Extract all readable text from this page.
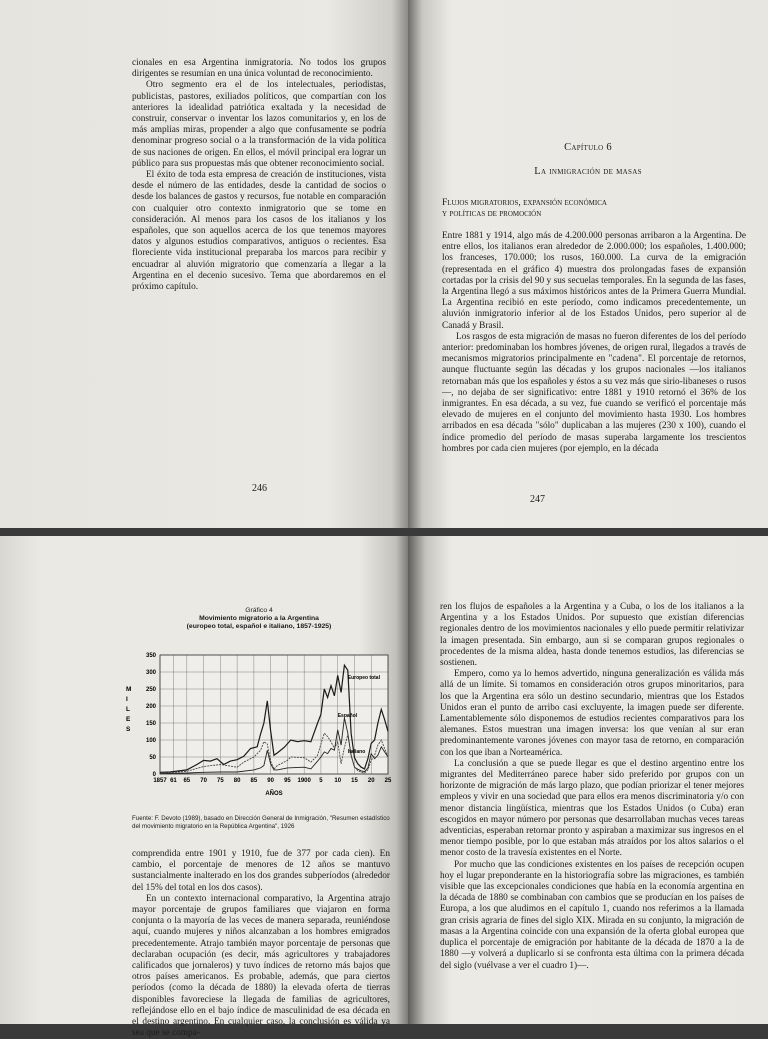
cionales en esa Argentina inmigratoria. No todos los grupos dirigentes se resumían en una única voluntad de reconocimiento.

Otro segmento era el de los intelectuales, periodistas, publicistas, pastores, exiliados políticos, que compartían con los anteriores la idealidad patriótica exaltada y la necesidad de construir, conservar o inventar los lazos comunitarios y, en los de más amplias miras, propender a algo que confusamente se podría denominar progreso social o a la transformación de la vida política de sus naciones de origen. En ellos, el móvil principal era lograr un público para sus propuestas más que obtener reconocimiento social.

El éxito de toda esta empresa de creación de instituciones, vista desde el número de las entidades, desde la cantidad de socios o desde los balances de gastos y recursos, fue notable en comparación con cualquier otro contexto inmigratorio que se tome en consideración. Al menos para los casos de los italianos y los españoles, que son aquellos acerca de los que tenemos mayores datos y algunos estudios comparativos, antiguos o recientes. Esa floreciente vida institucional preparaba los marcos para recibir y encuadrar al aluvión migratorio que comenzaría a llegar a la Argentina en el decenio sucesivo. Tema que abordaremos en el próximo capítulo.

246
Capítulo 6
La inmigración de masas
Flujos migratorios, expansión económica
y políticas de promoción

Entre 1881 y 1914, algo más de 4.200.000 personas arribaron a la Argentina. De entre ellos, los italianos eran alrededor de 2.000.000; los españoles, 1.400.000; los franceses, 170.000; los rusos, 160.000. La curva de la emigración (representada en el gráfico 4) muestra dos prolongadas fases de expansión cortadas por la crisis del 90 y sus secuelas temporales. En la segunda de las fases, la Argentina llegó a sus máximos históricos antes de la Primera Guerra Mundial. La Argentina recibió en este período, como indicamos precedentemente, un aluvión inmigratorio inferior al de los Estados Unidos, pero superior al de Canadá y Brasil.

Los rasgos de esta migración de masas no fueron diferentes de los del período anterior: predominaban los hombres jóvenes, de origen rural, llegados a través de mecanismos migratorios principalmente en "cadena". El porcentaje de retornos, aunque fluctuante según las décadas y los grupos nacionales —los italianos retornaban más que los españoles y éstos a su vez más que sirio-libaneses o rusos—, no dejaba de ser significativo: entre 1881 y 1910 retornó el 36% de los inmigrantes. En esa década, a su vez, fue cuando se verificó el porcentaje más elevado de mujeres en el conjunto del movimiento hasta 1930. Los hombres arribados en esa década "sólo" duplicaban a las mujeres (230 x 100), cuando el índice promedio del período de masas superaba largamente los trescientos hombres por cada cien mujeres (por ejemplo, en la década

247
Gráfico 4
Movimiento migratorio a la Argentina
(europeo total, español e italiano, 1857-1925)
0
50
100
150
200
250
300
350
1857 61 65 70 75 80 85 90 95 1900 5 10 15 20 25
Europeo total
Español
Italiano
M I L E S
AÑOS
Fuente: F. Devoto (1989), basado en Dirección General de Inmigración, "Resumen estadístico del movimiento migratorio en la República Argentina", 1926

comprendida entre 1901 y 1910, fue de 377 por cada cien). En cambio, el porcentaje de menores de 12 años se mantuvo sustancialmente inalterado en los dos grandes subperíodos (alrededor del 15% del total en los dos casos).

En un contexto internacional comparativo, la Argentina atrajo mayor porcentaje de grupos familiares que viajaron en forma conjunta o la mayoría de las veces de manera separada, reuniéndose aquí, cuando mujeres y niños alcanzaban a los hombres emigrados precedentemente. Atrajo también mayor porcentaje de personas que declaraban ocupación (es decir, más agricultores y trabajadores calificados que jornaleros) y tuvo índices de retorno más bajos que otros países americanos. Es probable, además, que para ciertos períodos (como la década de 1880) la elevada oferta de tierras disponibles favoreciese la llegada de familias de agricultores, reflejándose ello en el bajo índice de masculinidad de esa década en el destino argentino. En cualquier caso, la conclusión es válida ya sea que se compa-

ren los flujos de españoles a la Argentina y a Cuba, o los de los italianos a la Argentina y a los Estados Unidos. Por supuesto que existían diferencias regionales dentro de los movimientos nacionales y ello puede permitir relativizar la imagen presentada. Sin embargo, aun si se comparan grupos regionales o procedentes de la misma aldea, hasta donde tenemos estudios, las diferencias se sostienen.

Empero, como ya lo hemos advertido, ninguna generalización es válida más allá de un límite. Si tomamos en consideración otros grupos minoritarios, para los que la Argentina era sólo un destino secundario, mientras que los Estados Unidos eran el punto de arribo casi excluyente, la imagen puede ser diferente. Lamentablemente sólo disponemos de estudios recientes comparativos para los alemanes. Estos muestran una imagen inversa: los que venían al sur eran predominantemente varones jóvenes con mayor tasa de retorno, en comparación con los que iban a Norteamérica.

La conclusión a que se puede llegar es que el destino argentino entre los migrantes del Mediterráneo parece haber sido preferido por grupos con un horizonte de migración de más largo plazo, que podían priorizar el tener mejores empleos y vivir en una sociedad que para ellos era menos discriminatoria y/o con menor distancia lingüística, mientras que los Estados Unidos (o Cuba) eran escogidos en mayor número por personas que desarrollaban muchas veces tareas adventicias, esperaban retornar pronto y aspiraban a maximizar sus ingresos en el menor tiempo posible, por lo que estaban más atraídos por los altos salarios o el menor costo de la travesía existentes en el Norte.

Por mucho que las condiciones existentes en los países de recepción ocupen hoy el lugar preponderante en la historiografía sobre las migraciones, es también visible que las excepcionales condiciones que había en la economía argentina en la década de 1880 se combinaban con cambios que se producían en los países de Europa, a los que aludimos en el capítulo 1, cuando nos referimos a la llamada gran crisis agraria de fines del siglo XIX. Mirada en su conjunto, la migración de masas a la Argentina coincide con una expansión de la oferta global europea que duplica el porcentaje de emigración por habitante de la década de 1870 a la de 1880 —y volverá a duplicarlo si se confronta esta última con la primera década del siglo (vuélvase a ver el cuadro 1)—.
